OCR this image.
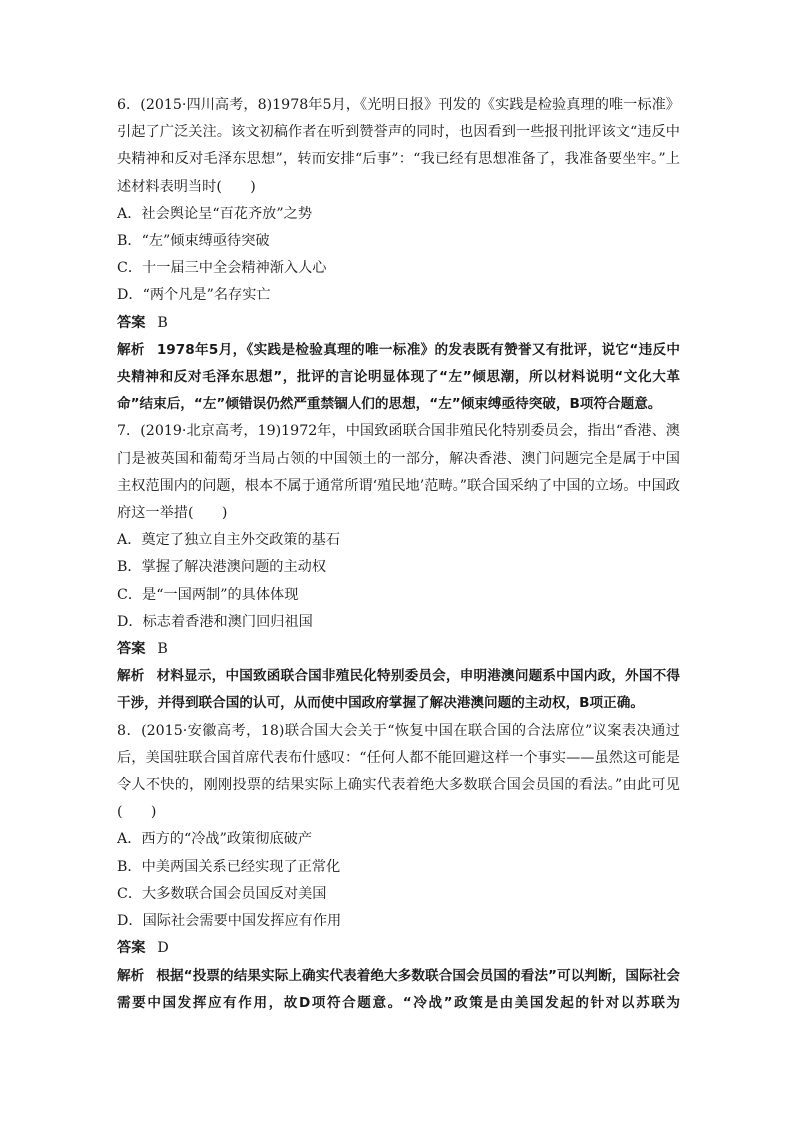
6．(2015·四川高考，8)1978年5月，《光明日报》刊发的《实践是检验真理的唯一标准》引起了广泛关注。该文初稿作者在听到赞誉声的同时，也因看到一些报刊批评该文“违反中央精神和反对毛泽东思想”，转而安排“后事”：“我已经有思想准备了，我准备要坐牢。”上述材料表明当时(　　)

A．社会舆论呈“百花齐放”之势

B．“左”倾束缚亟待突破

C．十一届三中全会精神渐入人心

D．“两个凡是”名存实亡

答案 B

解析 1978年5月，《实践是检验真理的唯一标准》的发表既有赞誉又有批评，说它“违反中央精神和反对毛泽东思想”，批评的言论明显体现了“左”倾思潮，所以材料说明“文化大革命”结束后，“左”倾错误仍然严重禁锢人们的思想，“左”倾束缚亟待突破，B项符合题意。

7．(2019·北京高考，19)1972年，中国致函联合国非殖民化特别委员会，指出“香港、澳门是被英国和葡萄牙当局占领的中国领土的一部分，解决香港、澳门问题完全是属于中国主权范围内的问题，根本不属于通常所谓‘殖民地’范畴。”联合国采纳了中国的立场。中国政府这一举措(　　)

A．奠定了独立自主外交政策的基石

B．掌握了解决港澳问题的主动权

C．是“一国两制”的具体体现

D．标志着香港和澳门回归祖国

答案 B

解析 材料显示，中国致函联合国非殖民化特别委员会，申明港澳问题系中国内政，外国不得干涉，并得到联合国的认可，从而使中国政府掌握了解决港澳问题的主动权，B项正确。

8．(2015·安徽高考，18)联合国大会关于“恢复中国在联合国的合法席位”议案表决通过后，美国驻联合国首席代表布什感叹：“任何人都不能回避这样一个事实——虽然这可能是令人不快的，刚刚投票的结果实际上确实代表着绝大多数联合国会员国的看法。”由此可见(　　)

A．西方的“冷战”政策彻底破产

B．中美两国关系已经实现了正常化

C．大多数联合国会员国反对美国

D．国际社会需要中国发挥应有作用

答案 D

解析 根据“投票的结果实际上确实代表着绝大多数联合国会员国的看法”可以判断，国际社会需要中国发挥应有作用，故D项符合题意。“冷战”政策是由美国发起的针对以苏联为
